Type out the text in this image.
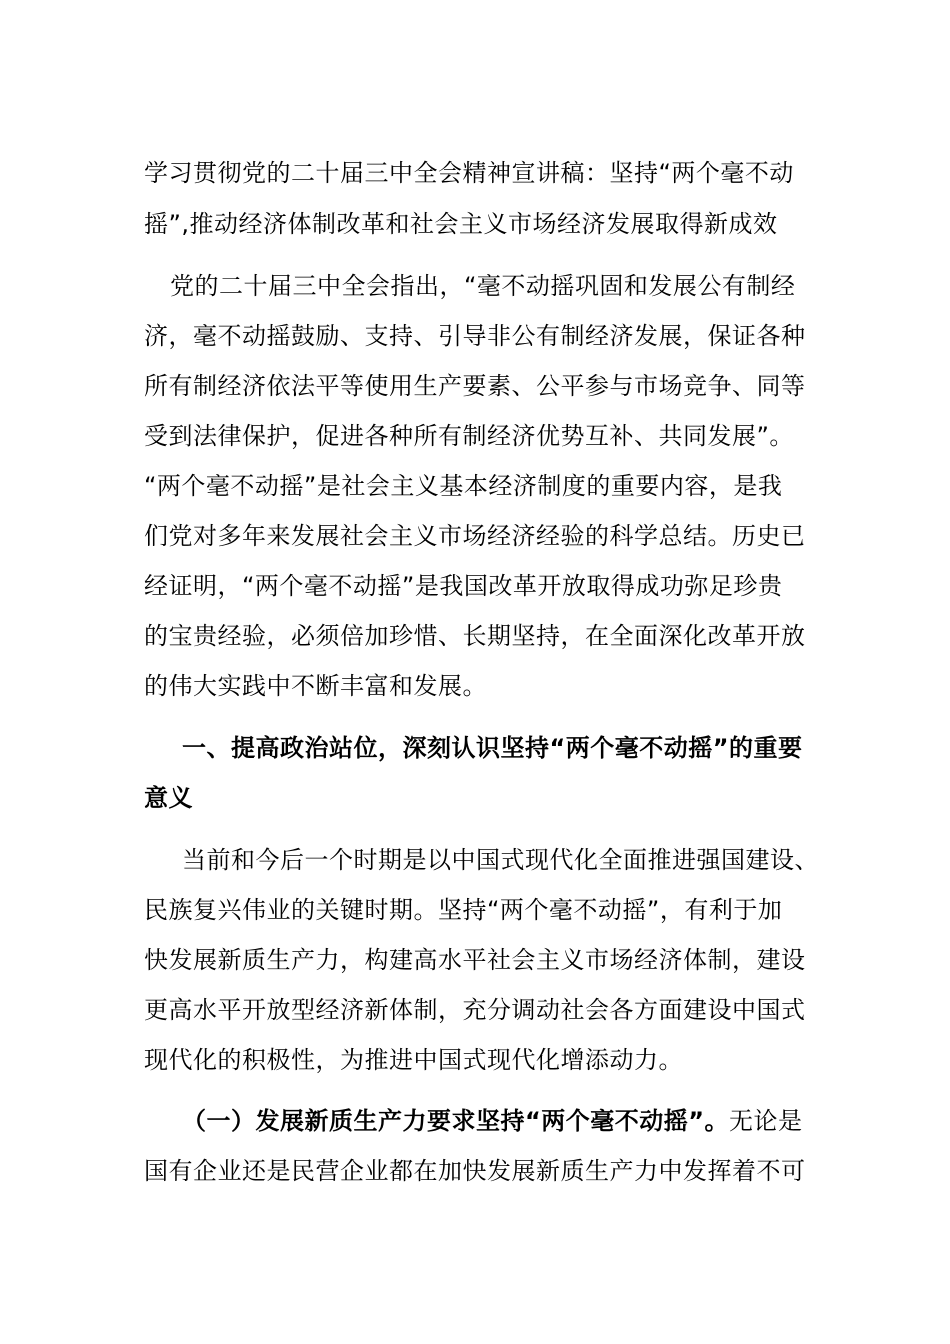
学习贯彻党的二十届三中全会精神宣讲稿：坚持“两个毫不动
摇”,推动经济体制改革和社会主义市场经济发展取得新成效
党的二十届三中全会指出，“毫不动摇巩固和发展公有制经
济，毫不动摇鼓励、支持、引导非公有制经济发展，保证各种
所有制经济依法平等使用生产要素、公平参与市场竞争、同等
受到法律保护，促进各种所有制经济优势互补、共同发展”。
“两个毫不动摇”是社会主义基本经济制度的重要内容，是我
们党对多年来发展社会主义市场经济经验的科学总结。历史已
经证明，“两个毫不动摇”是我国改革开放取得成功弥足珍贵
的宝贵经验，必须倍加珍惜、长期坚持，在全面深化改革开放
的伟大实践中不断丰富和发展。
一、提高政治站位，深刻认识坚持“两个毫不动摇”的重要
意义
当前和今后一个时期是以中国式现代化全面推进强国建设、
民族复兴伟业的关键时期。坚持“两个毫不动摇”，有利于加
快发展新质生产力，构建高水平社会主义市场经济体制，建设
更高水平开放型经济新体制，充分调动社会各方面建设中国式
现代化的积极性，为推进中国式现代化增添动力。
（一）发展新质生产力要求坚持“两个毫不动摇”。无论是
国有企业还是民营企业都在加快发展新质生产力中发挥着不可
